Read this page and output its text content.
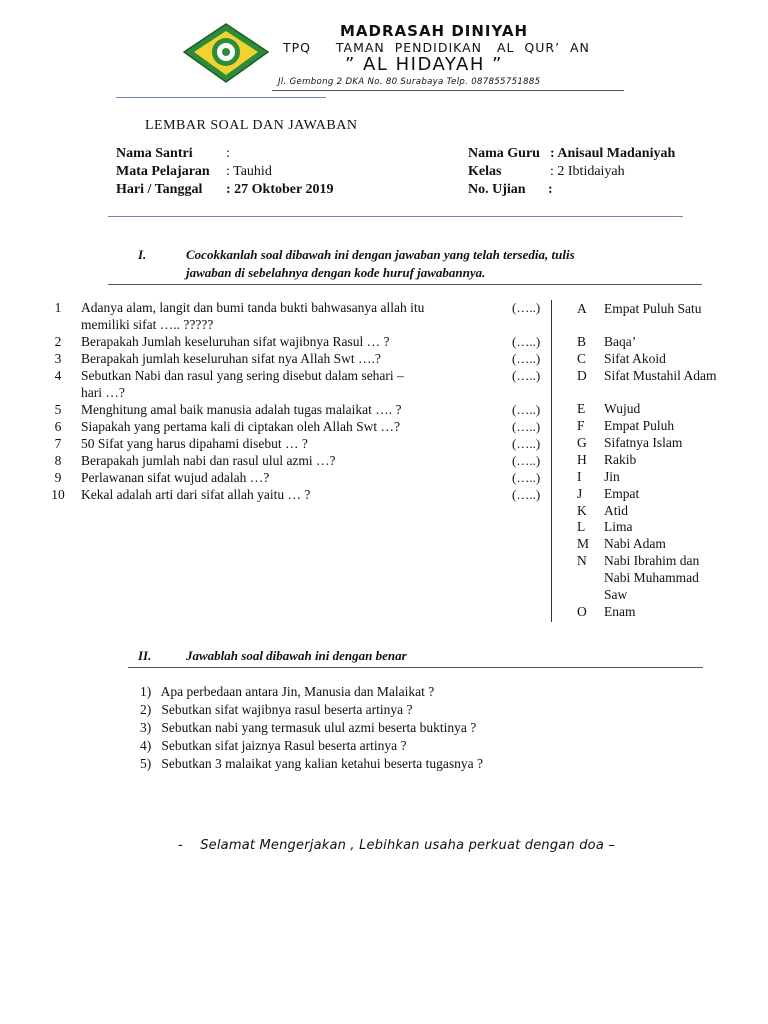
MADRASAH DINIYAH
TPQ     TAMAN  PENDIDIKAN   AL  QUR’  AN
” AL HIDAYAH ”
Jl. Gembong 2 DKA No. 80 Surabaya Telp. 087855751885
LEMBAR SOAL DAN JAWABAN
Nama Santri :
Mata Pelajaran : Tauhid
Hari / Tanggal : 27 Oktober 2019
Nama Guru : Anisaul Madaniyah
Kelas	: 2 Ibtidaiyah
No. Ujian :
I.	Cocokkanlah soal dibawah ini dengan jawaban yang telah tersedia, tulis
jawaban di sebelahnya dengan kode huruf jawabannya.
1	Adanya alam, langit dan bumi tanda bukti bahwasanya allah itu
memiliki sifat ….. ?????
(…..)
2	Berapakah Jumlah keseluruhan sifat wajibnya Rasul … ?	(…..)
3	Berapakah jumlah keseluruhan sifat nya Allah Swt ….?	(…..)
4	Sebutkan Nabi dan rasul yang sering disebut dalam sehari –
hari …?
(…..)
5	Menghitung amal baik manusia adalah tugas malaikat …. ?	(…..)
6	Siapakah yang pertama kali di ciptakan oleh Allah Swt …?	(…..)
7	50 Sifat yang harus dipahami disebut … ?	(…..)
8	Berapakah jumlah nabi dan rasul ulul azmi …?	(…..)
9	Perlawanan sifat wujud adalah …?	(…..)
10 Kekal adalah arti dari sifat allah yaitu … ?	(…..)
A Empat Puluh Satu
B Baqa’
C Sifat Akoid
D Sifat Mustahil Adam
E Wujud
F Empat Puluh
G Sifatnya Islam
H Rakib
I Jin
J Empat
K Atid
L Lima
M Nabi Adam
N Nabi Ibrahim dan
Nabi Muhammad
Saw
O Enam
II.	Jawablah soal dibawah ini dengan benar
1)   Apa perbedaan antara Jin, Manusia dan Malaikat ?
2)   Sebutkan sifat wajibnya rasul beserta artinya ?
3)   Sebutkan nabi yang termasuk ulul azmi beserta buktinya ?
4)   Sebutkan sifat jaiznya Rasul beserta artinya ?
5)   Sebutkan 3 malaikat yang kalian ketahui beserta tugasnya ?
-    Selamat Mengerjakan , Lebihkan usaha perkuat dengan doa –
